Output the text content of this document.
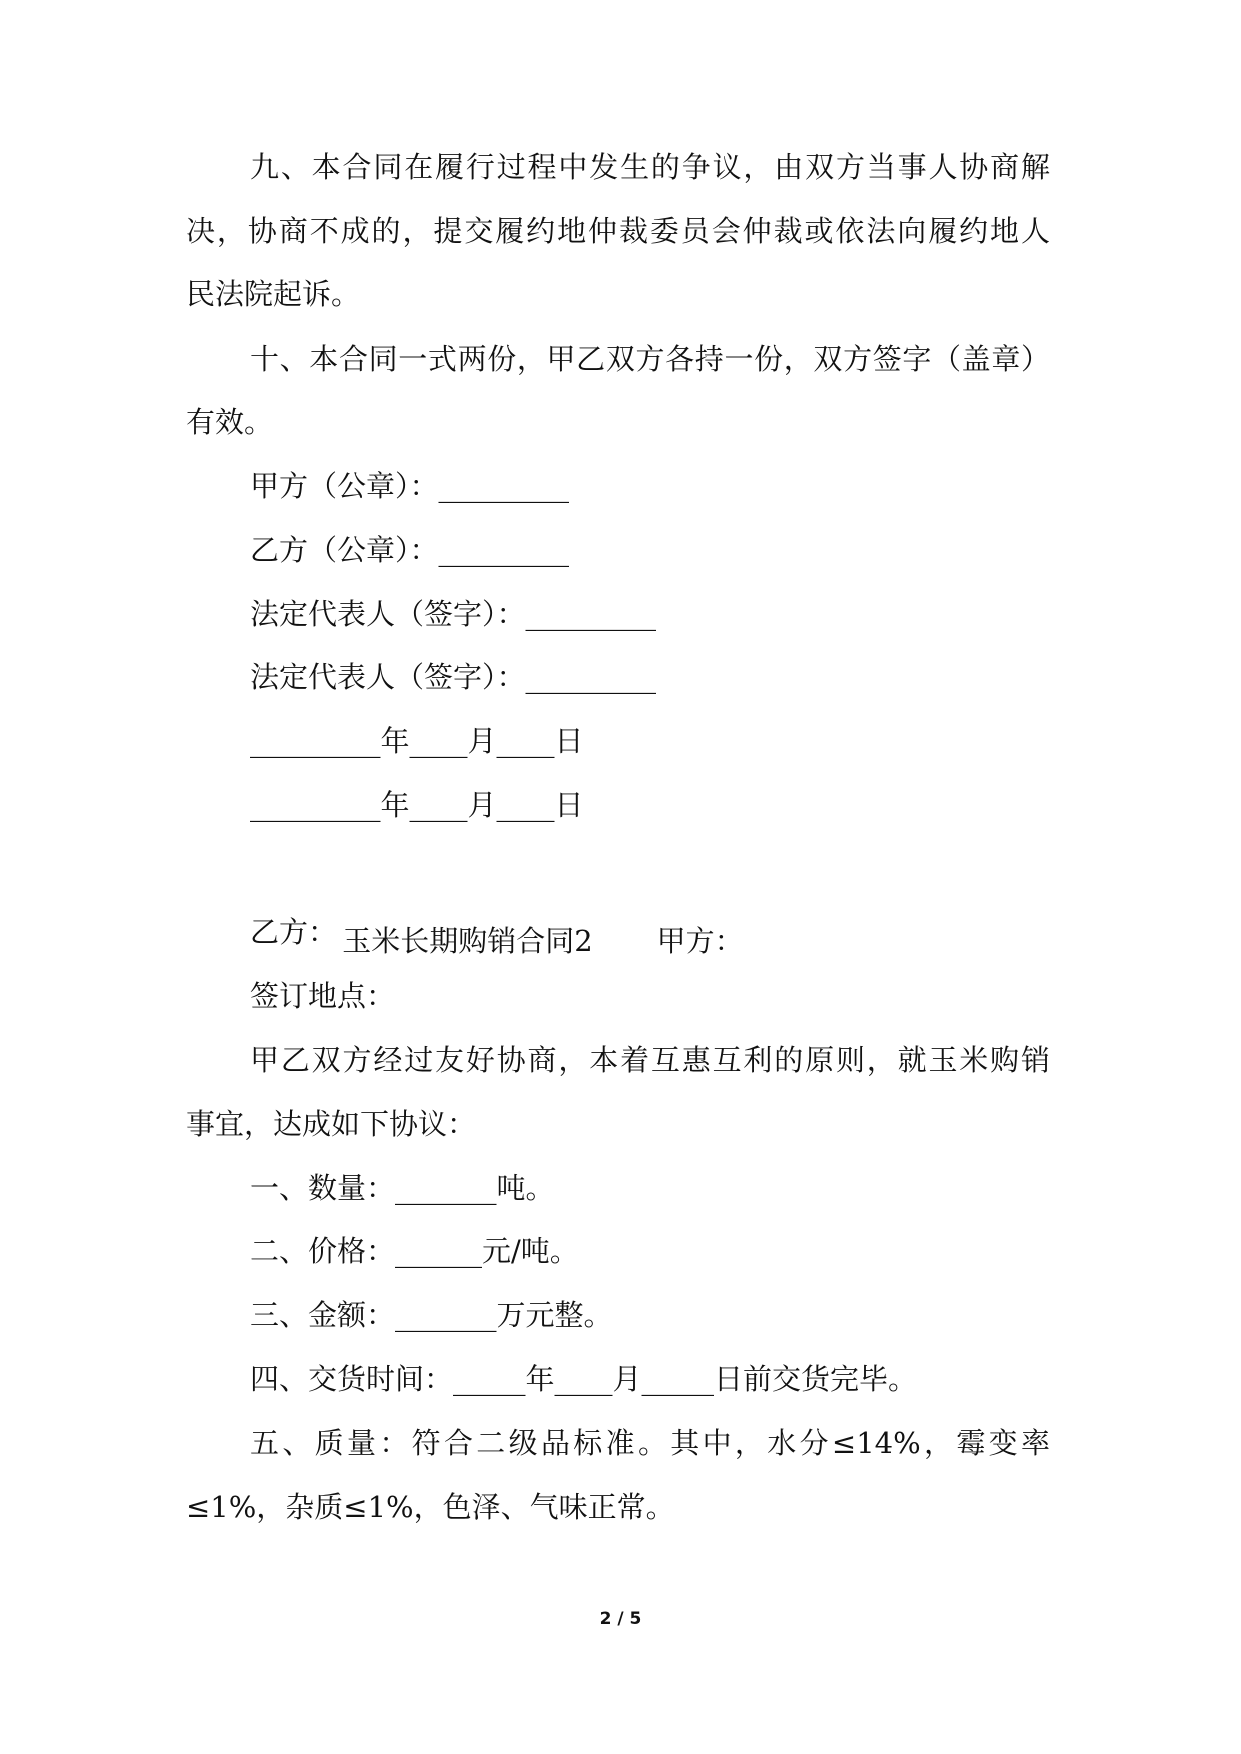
九、本合同在履行过程中发生的争议，由双方当事人协商解
决，协商不成的，提交履约地仲裁委员会仲裁或依法向履约地人
民法院起诉。
十、本合同一式两份，甲乙双方各持一份，双方签字（盖章）
有效。
甲方（公章）：_________
乙方（公章）：_________
法定代表人（签字）：_________
法定代表人（签字）：_________
_________年____月____日
_________年____月____日

玉米长期购销合同2 甲方：

乙方：
签订地点：
甲乙双方经过友好协商，本着互惠互利的原则，就玉米购销
事宜，达成如下协议：
一、数量：_______吨。
二、价格：______元/吨。
三、金额：_______万元整。
四、交货时间：_____年____月_____日前交货完毕。
五、质量：符合二级品标准。其中，水分≤14%，霉变率
≤1%，杂质≤1%，色泽、气味正常。
2 / 5
